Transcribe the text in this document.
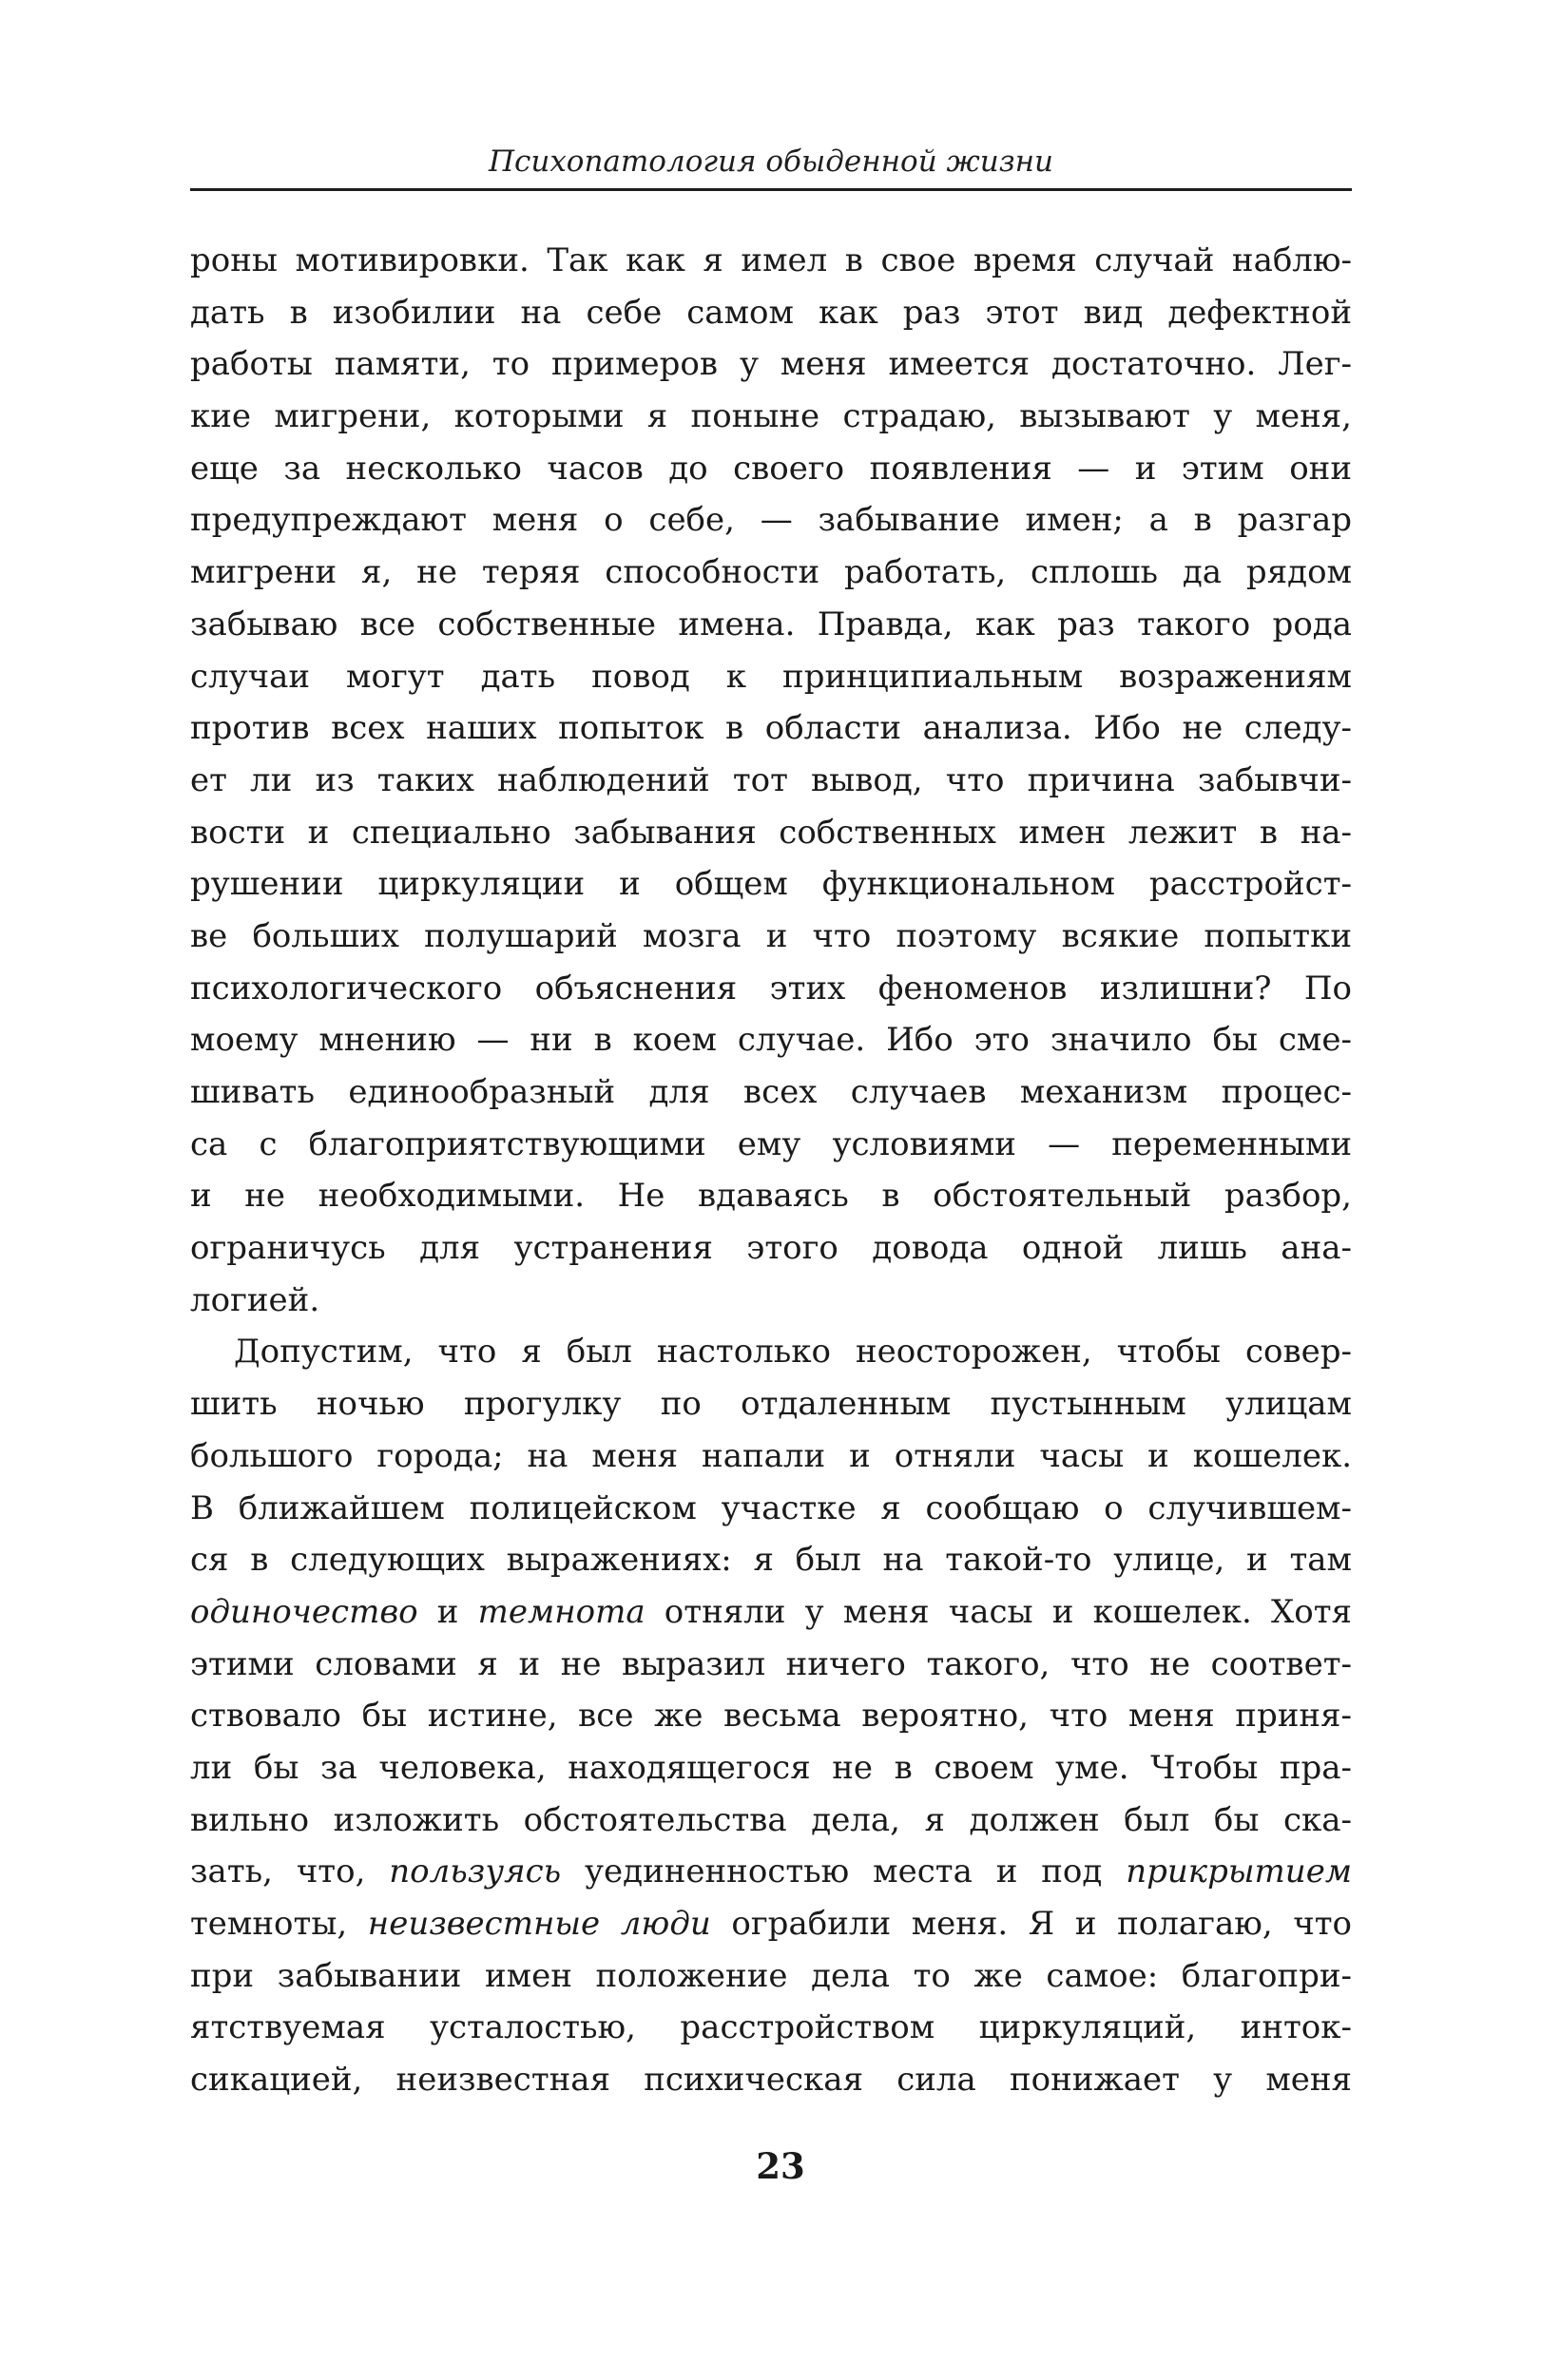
Психопатология обыденной жизни
роны мотивировки. Так как я имел в свое время случай наблю-
дать в изобилии на себе самом как раз этот вид дефектной
работы памяти, то примеров у меня имеется достаточно. Лег-
кие мигрени, которыми я поныне страдаю, вызывают у меня,
еще за несколько часов до своего появления — и этим они
предупреждают меня о себе, — забывание имен; а в разгар
мигрени я, не теряя способности работать, сплошь да рядом
забываю все собственные имена. Правда, как раз такого рода
случаи могут дать повод к принципиальным возражениям
против всех наших попыток в области анализа. Ибо не следу-
ет ли из таких наблюдений тот вывод, что причина забывчи-
вости и специально забывания собственных имен лежит в на-
рушении циркуляции и общем функциональном расстройст-
ве больших полушарий мозга и что поэтому всякие попытки
психологического объяснения этих феноменов излишни? По
моему мнению — ни в коем случае. Ибо это значило бы сме-
шивать единообразный для всех случаев механизм процес-
са с благоприятствующими ему условиями — переменными
и не необходимыми. Не вдаваясь в обстоятельный разбор,
ограничусь для устранения этого довода одной лишь ана-
логией.
Допустим, что я был настолько неосторожен, чтобы совер-
шить ночью прогулку по отдаленным пустынным улицам
большого города; на меня напали и отняли часы и кошелек.
В ближайшем полицейском участке я сообщаю о случившем-
ся в следующих выражениях: я был на такой-то улице, и там
одиночество и темнота отняли у меня часы и кошелек. Хотя
этими словами я и не выразил ничего такого, что не соответ-
ствовало бы истине, все же весьма вероятно, что меня приня-
ли бы за человека, находящегося не в своем уме. Чтобы пра-
вильно изложить обстоятельства дела, я должен был бы ска-
зать, что, пользуясь уединенностью места и под прикрытием
темноты, неизвестные люди ограбили меня. Я и полагаю, что
при забывании имен положение дела то же самое: благопри-
ятствуемая усталостью, расстройством циркуляций, инток-
сикацией, неизвестная психическая сила понижает у меня
23
